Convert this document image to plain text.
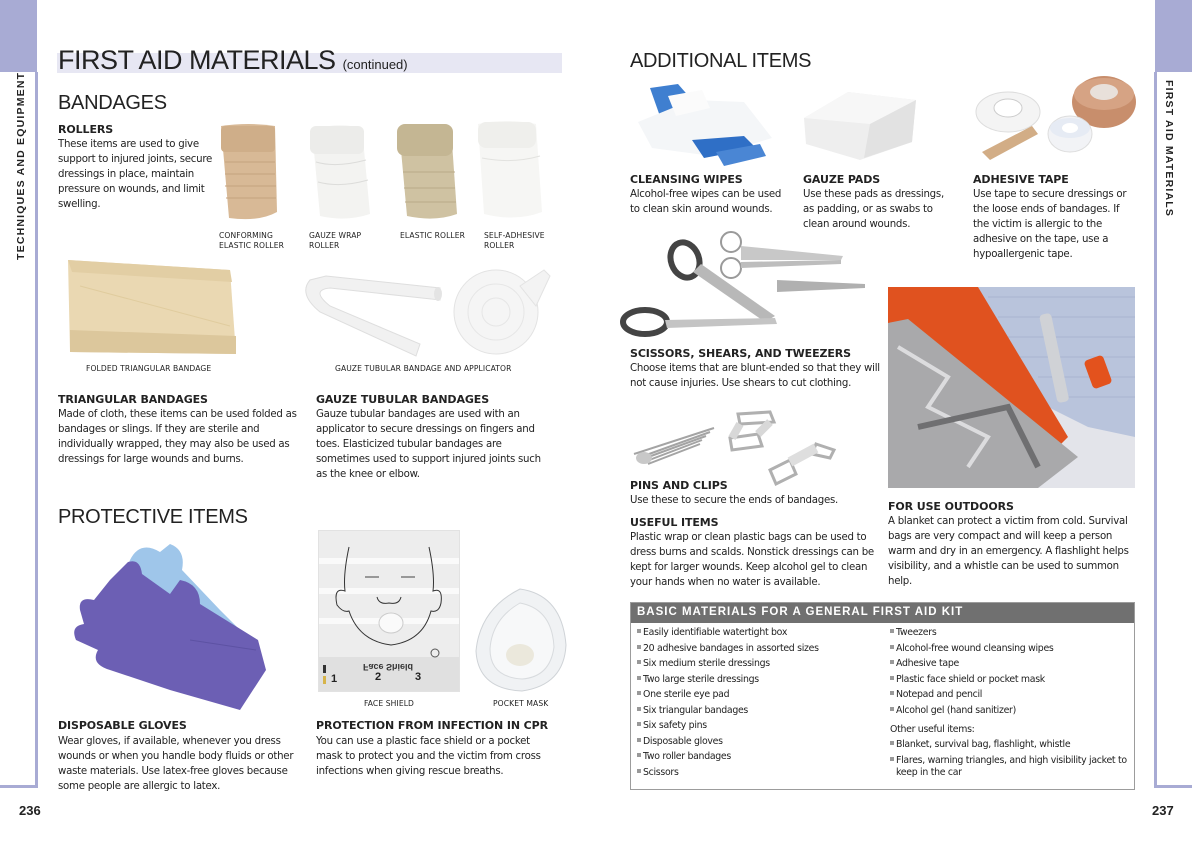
TECHNIQUES AND EQUIPMENT
236
FIRST AID MATERIALS
237
FIRST AID MATERIALS (continued)
BANDAGES
ROLLERS
These items are used to give support to injured joints, secure dressings in place, maintain pressure on wounds, and limit swelling.
CONFORMING ELASTIC ROLLER
GAUZE WRAP ROLLER
ELASTIC ROLLER SELF-ADHESIVE ROLLER
FOLDED TRIANGULAR BANDAGE	GAUZE TUBULAR BANDAGE AND APPLICATOR
TRIANGULAR BANDAGES
Made of cloth, these items can be used folded as bandages or slings. If they are sterile and individually wrapped, they may also be used as dressings for large wounds and burns.
GAUZE TUBULAR BANDAGES
Gauze tubular bandages are used with an applicator to secure dressings on fingers and toes. Elasticized tubular bandages are sometimes used to support injured joints such as the knee or elbow.
PROTECTIVE ITEMS
Face Shield
1	2	3
FACE SHIELD	POCKET MASK
DISPOSABLE GLOVES
Wear gloves, if available, whenever you dress wounds or when you handle body fluids or other waste materials. Use latex-free gloves because some people are allergic to latex.
PROTECTION FROM INFECTION IN CPR
You can use a plastic face shield or a pocket mask to protect you and the victim from cross infections when giving rescue breaths.
ADDITIONAL ITEMS
CLEANSING WIPES
Alcohol-free wipes can be used to clean skin around wounds.
GAUZE PADS
Use these pads as dressings, as padding, or as swabs to clean around wounds.
ADHESIVE TAPE
Use tape to secure dressings or the loose ends of bandages. If the victim is allergic to the adhesive on the tape, use a hypoallergenic tape.
SCISSORS, SHEARS, AND TWEEZERS
Choose items that are blunt-ended so that they will not cause injuries. Use shears to cut clothing.
PINS AND CLIPS
Use these to secure the ends of bandages.
USEFUL ITEMS
Plastic wrap or clean plastic bags can be used to dress burns and scalds. Nonstick dressings can be kept for larger wounds. Keep alcohol gel to clean your hands when no water is available.
FOR USE OUTDOORS
A blanket can protect a victim from cold. Survival bags are very compact and will keep a person warm and dry in an emergency. A flashlight helps visibility, and a whistle can be used to summon help.
BASIC MATERIALS FOR A GENERAL FIRST AID KIT
Easily identifiable watertight box
20 adhesive bandages in assorted sizes
Six medium sterile dressings
Two large sterile dressings
One sterile eye pad
Six triangular bandages
Six safety pins
Disposable gloves
Two roller bandages
Scissors
Tweezers
Alcohol-free wound cleansing wipes
Adhesive tape
Plastic face shield or pocket mask
Notepad and pencil
Alcohol gel (hand sanitizer)
Other useful items:
Blanket, survival bag, flashlight, whistle
Flares, warning triangles, and high visibility jacket to keep in the car
